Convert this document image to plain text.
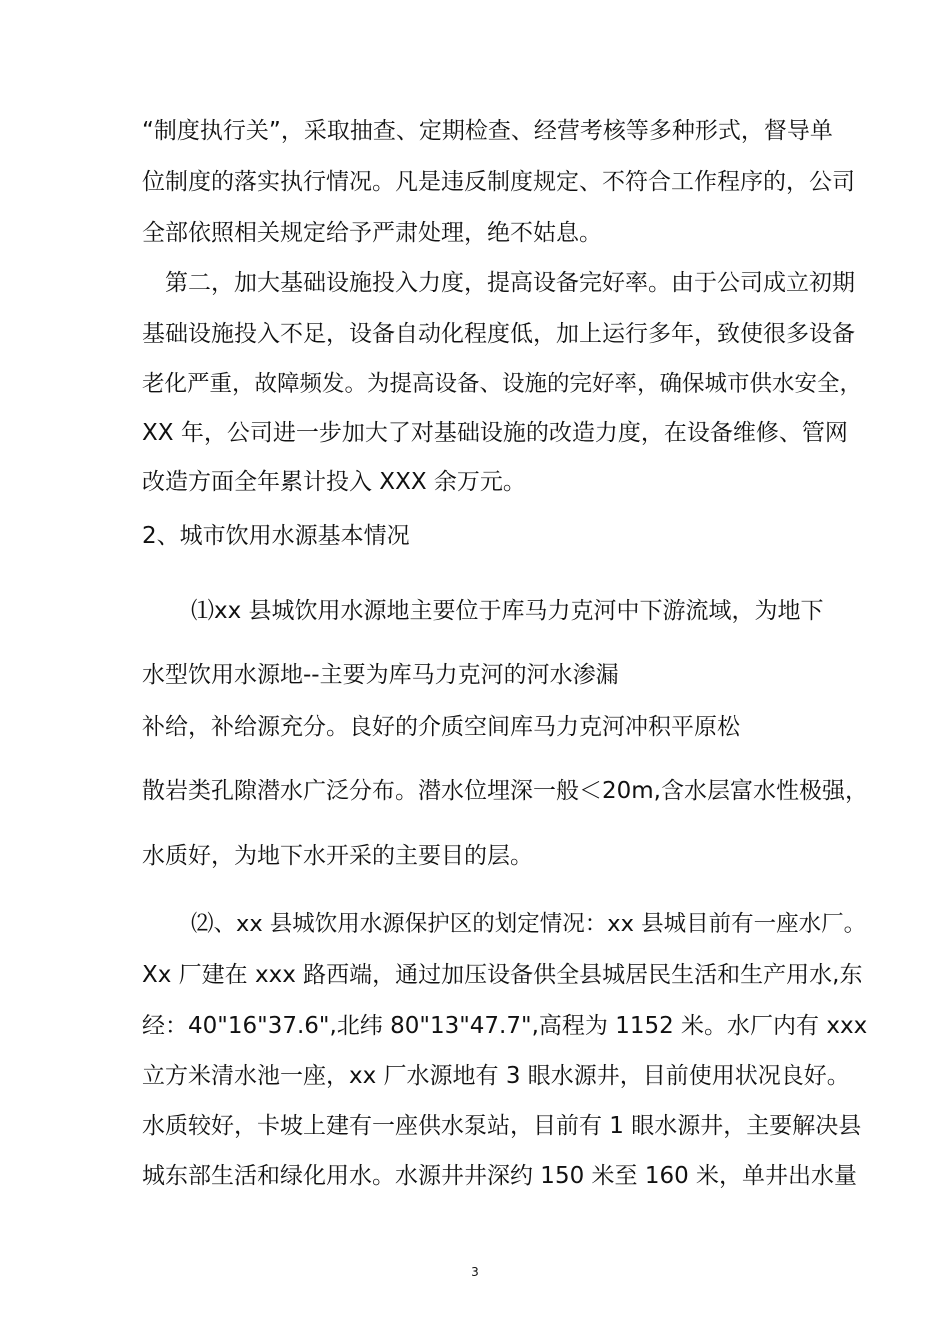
“制度执行关”，采取抽查、定期检查、经营考核等多种形式，督导单
位制度的落实执行情况。凡是违反制度规定、不符合工作程序的，公司
全部依照相关规定给予严肃处理，绝不姑息。
第二，加大基础设施投入力度，提高设备完好率。由于公司成立初期
基础设施投入不足，设备自动化程度低，加上运行多年，致使很多设备
老化严重，故障频发。为提高设备、设施的完好率，确保城市供水安全，
XX 年，公司进一步加大了对基础设施的改造力度，在设备维修、管网
改造方面全年累计投入 XXX 余万元。
2、城市饮用水源基本情况
⑴xx 县城饮用水源地主要位于库马力克河中下游流域，为地下
水型饮用水源地--主要为库马力克河的河水渗漏
补给，补给源充分。良好的介质空间库马力克河冲积平原松
散岩类孔隙潜水广泛分布。潜水位埋深一般＜20m,含水层富水性极强，
水质好，为地下水开采的主要目的层。
⑵、xx 县城饮用水源保护区的划定情况：xx 县城目前有一座水厂。
Xx 厂建在 xxx 路西端，通过加压设备供全县城居民生活和生产用水,东
经：40"16"37.6",北纬 80"13"47.7",高程为 1152 米。水厂内有 xxx
立方米清水池一座，xx 厂水源地有 3 眼水源井，目前使用状况良好。
水质较好，卡坡上建有一座供水泵站，目前有 1 眼水源井，主要解决县
城东部生活和绿化用水。水源井井深约 150 米至 160 米，单井出水量
3
